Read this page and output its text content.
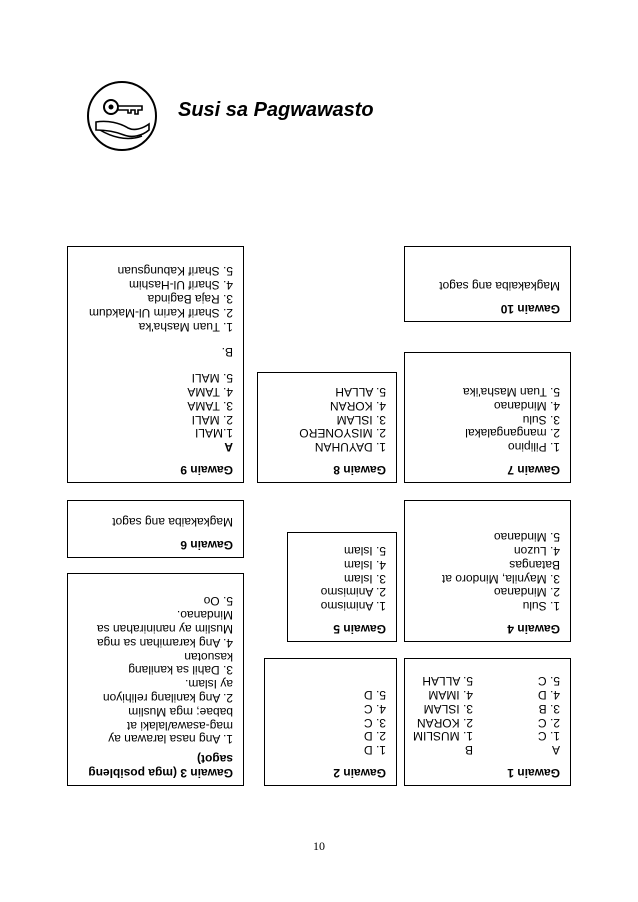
Susi sa Pagwawasto
Gawain 10
Magkakaiba ang sagot
Gawain 9
A
1.MALI
2. MALI
3. TAMA
4. TAMA
5. MALI
B.
1. Tuan Masha'ka
2. Sharif Karim Ul-Makdum
3. Raja Baginda
4. Sharif Ul-Hashim
5. Sharif Kabungsuan
Gawain 8
1. DAYUHAN
2. MISYONERO
3. ISLAM
4. KORAN
5. ALLAH
Gawain 7
1. Pilipino
2. mangangalakal
3. Sulu
4. Mindanao
5. Tuan Masha'ika
Gawain 6
Magkakaiba ang sagot
Gawain 5
1. Animismo
2. Animismo
3. Islam
4. Islam
5. Islam
Gawain 4
1. Sulu
2. Mindanao
3. Maynila, Mindoro at
Batangas
4. Luzon
5. Mindanao
Gawain 3 (mga posibleng sagot)
1. Ang nasa larawan ay
mag-asawa/lalaki at
babae; mga Muslim
2. Ang kanilang relihiyon
ay Islam.
3. Dahil sa kanilang
kasuotan
4. Ang karamihan sa mga
Muslim ay naninirahan sa
Mindanao.
5. Oo
Gawain 2
1. D
2. D
3. C
4. C
5. D
Gawain 1
A
1. C
2. C
3. B
4. D
5. C
B
1. MUSLIM
2. KORAN
3. ISLAM
4. IMAM
5. ALLAH
10
